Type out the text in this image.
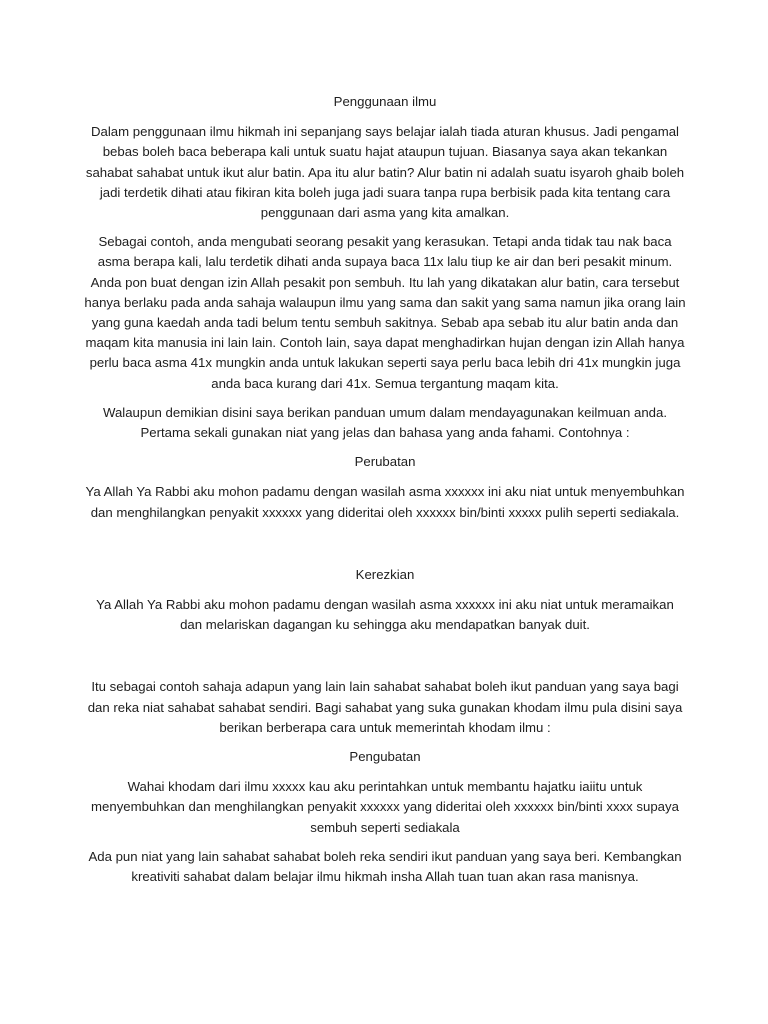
Penggunaan ilmu

Dalam penggunaan ilmu hikmah ini sepanjang says belajar ialah tiada aturan khusus. Jadi pengamal bebas boleh baca beberapa kali untuk suatu hajat ataupun tujuan. Biasanya saya akan tekankan sahabat sahabat untuk ikut alur batin. Apa itu alur batin? Alur batin ni adalah suatu isyaroh ghaib boleh jadi terdetik dihati atau fikiran kita boleh juga jadi suara tanpa rupa berbisik pada kita tentang cara penggunaan dari asma yang kita amalkan.

Sebagai contoh, anda mengubati seorang pesakit yang kerasukan. Tetapi anda tidak tau nak baca asma berapa kali, lalu terdetik dihati anda supaya baca 11x lalu tiup ke air dan beri pesakit minum. Anda pon buat dengan izin Allah pesakit pon sembuh. Itu lah yang dikatakan alur batin, cara tersebut hanya berlaku pada anda sahaja walaupun ilmu yang sama dan sakit yang sama namun jika orang lain yang guna kaedah anda tadi belum tentu sembuh sakitnya. Sebab apa sebab itu alur batin anda dan maqam kita manusia ini lain lain. Contoh lain, saya dapat menghadirkan hujan dengan izin Allah hanya perlu baca asma 41x mungkin anda untuk lakukan seperti saya perlu baca lebih dri 41x mungkin juga anda baca kurang dari 41x. Semua tergantung maqam kita.

Walaupun demikian disini saya berikan panduan umum dalam mendayagunakan keilmuan anda. Pertama sekali gunakan niat yang jelas dan bahasa yang anda fahami. Contohnya :

Perubatan

Ya Allah Ya Rabbi aku mohon padamu dengan wasilah asma xxxxxx ini aku niat untuk menyembuhkan dan menghilangkan penyakit xxxxxx yang dideritai oleh xxxxxx bin/binti xxxxx pulih seperti sediakala.

Kerezkian

Ya Allah Ya Rabbi aku mohon padamu dengan wasilah asma xxxxxx ini aku niat untuk meramaikan dan melariskan dagangan ku sehingga aku mendapatkan banyak duit.

Itu sebagai contoh sahaja adapun yang lain lain sahabat sahabat boleh ikut panduan yang saya bagi dan reka niat sahabat sahabat sendiri. Bagi sahabat yang suka gunakan khodam ilmu pula disini saya berikan berberapa cara untuk memerintah khodam ilmu :

Pengubatan

Wahai khodam dari ilmu xxxxx kau aku perintahkan untuk membantu hajatku iaiitu untuk menyembuhkan dan menghilangkan penyakit xxxxxx yang dideritai oleh xxxxxx bin/binti xxxx supaya sembuh seperti sediakala

Ada pun niat yang lain sahabat sahabat boleh reka sendiri ikut panduan yang saya beri. Kembangkan kreativiti sahabat dalam belajar ilmu hikmah insha Allah tuan tuan akan rasa manisnya.
